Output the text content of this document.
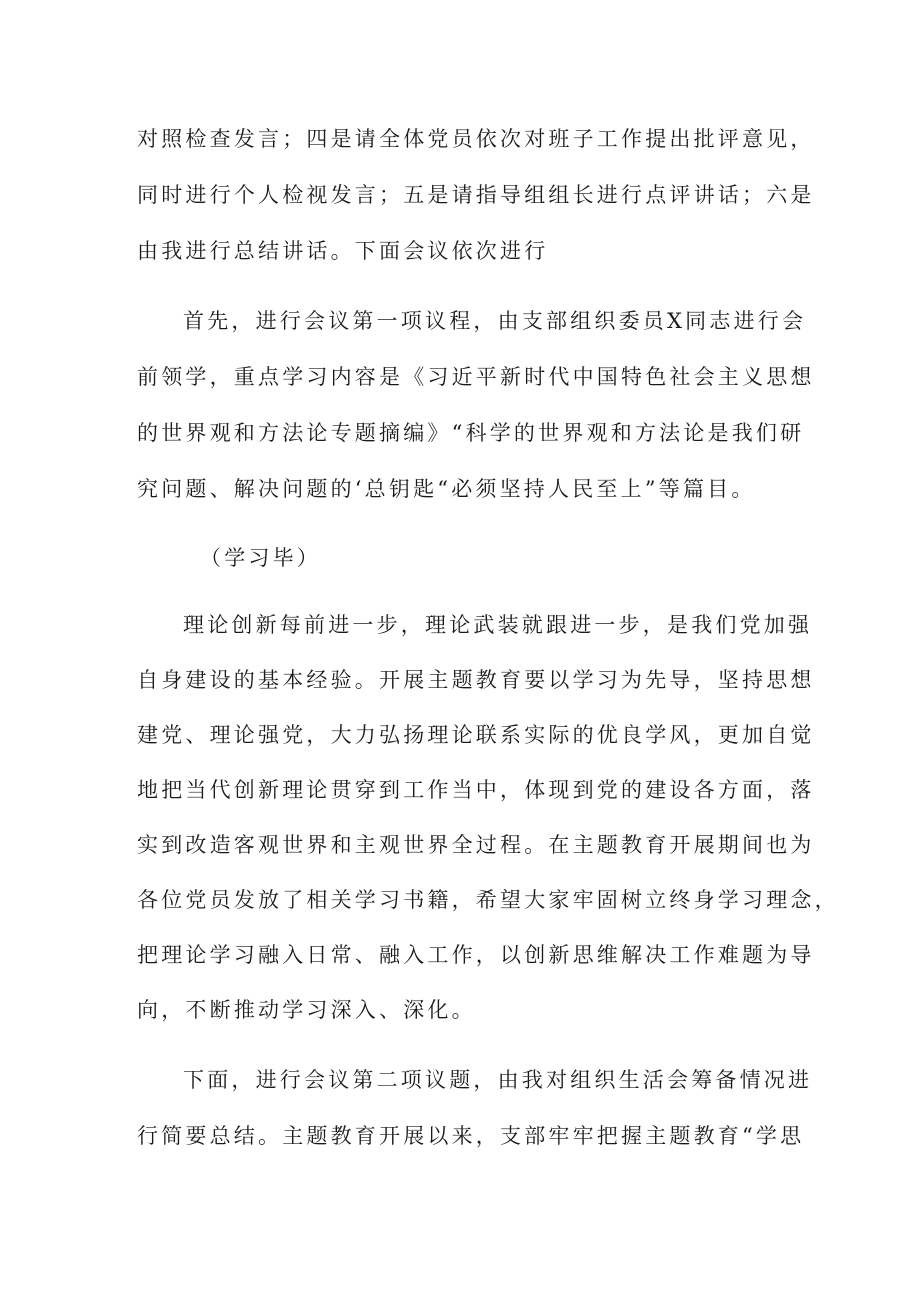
对照检查发言；四是请全体党员依次对班子工作提出批评意见，
同时进行个人检视发言；五是请指导组组长进行点评讲话；六是
由我进行总结讲话。下面会议依次进行
首先，进行会议第一项议程，由支部组织委员X同志进行会
前领学，重点学习内容是《习近平新时代中国特色社会主义思想
的世界观和方法论专题摘编》“科学的世界观和方法论是我们研
究问题、解决问题的‘总钥匙“必须坚持人民至上”等篇目。
（学习毕）
理论创新每前进一步，理论武装就跟进一步，是我们党加强
自身建设的基本经验。开展主题教育要以学习为先导，坚持思想
建党、理论强党，大力弘扬理论联系实际的优良学风，更加自觉
地把当代创新理论贯穿到工作当中，体现到党的建设各方面，落
实到改造客观世界和主观世界全过程。在主题教育开展期间也为
各位党员发放了相关学习书籍，希望大家牢固树立终身学习理念，
把理论学习融入日常、融入工作，以创新思维解决工作难题为导
向，不断推动学习深入、深化。
下面，进行会议第二项议题，由我对组织生活会筹备情况进
行简要总结。主题教育开展以来，支部牢牢把握主题教育“学思
